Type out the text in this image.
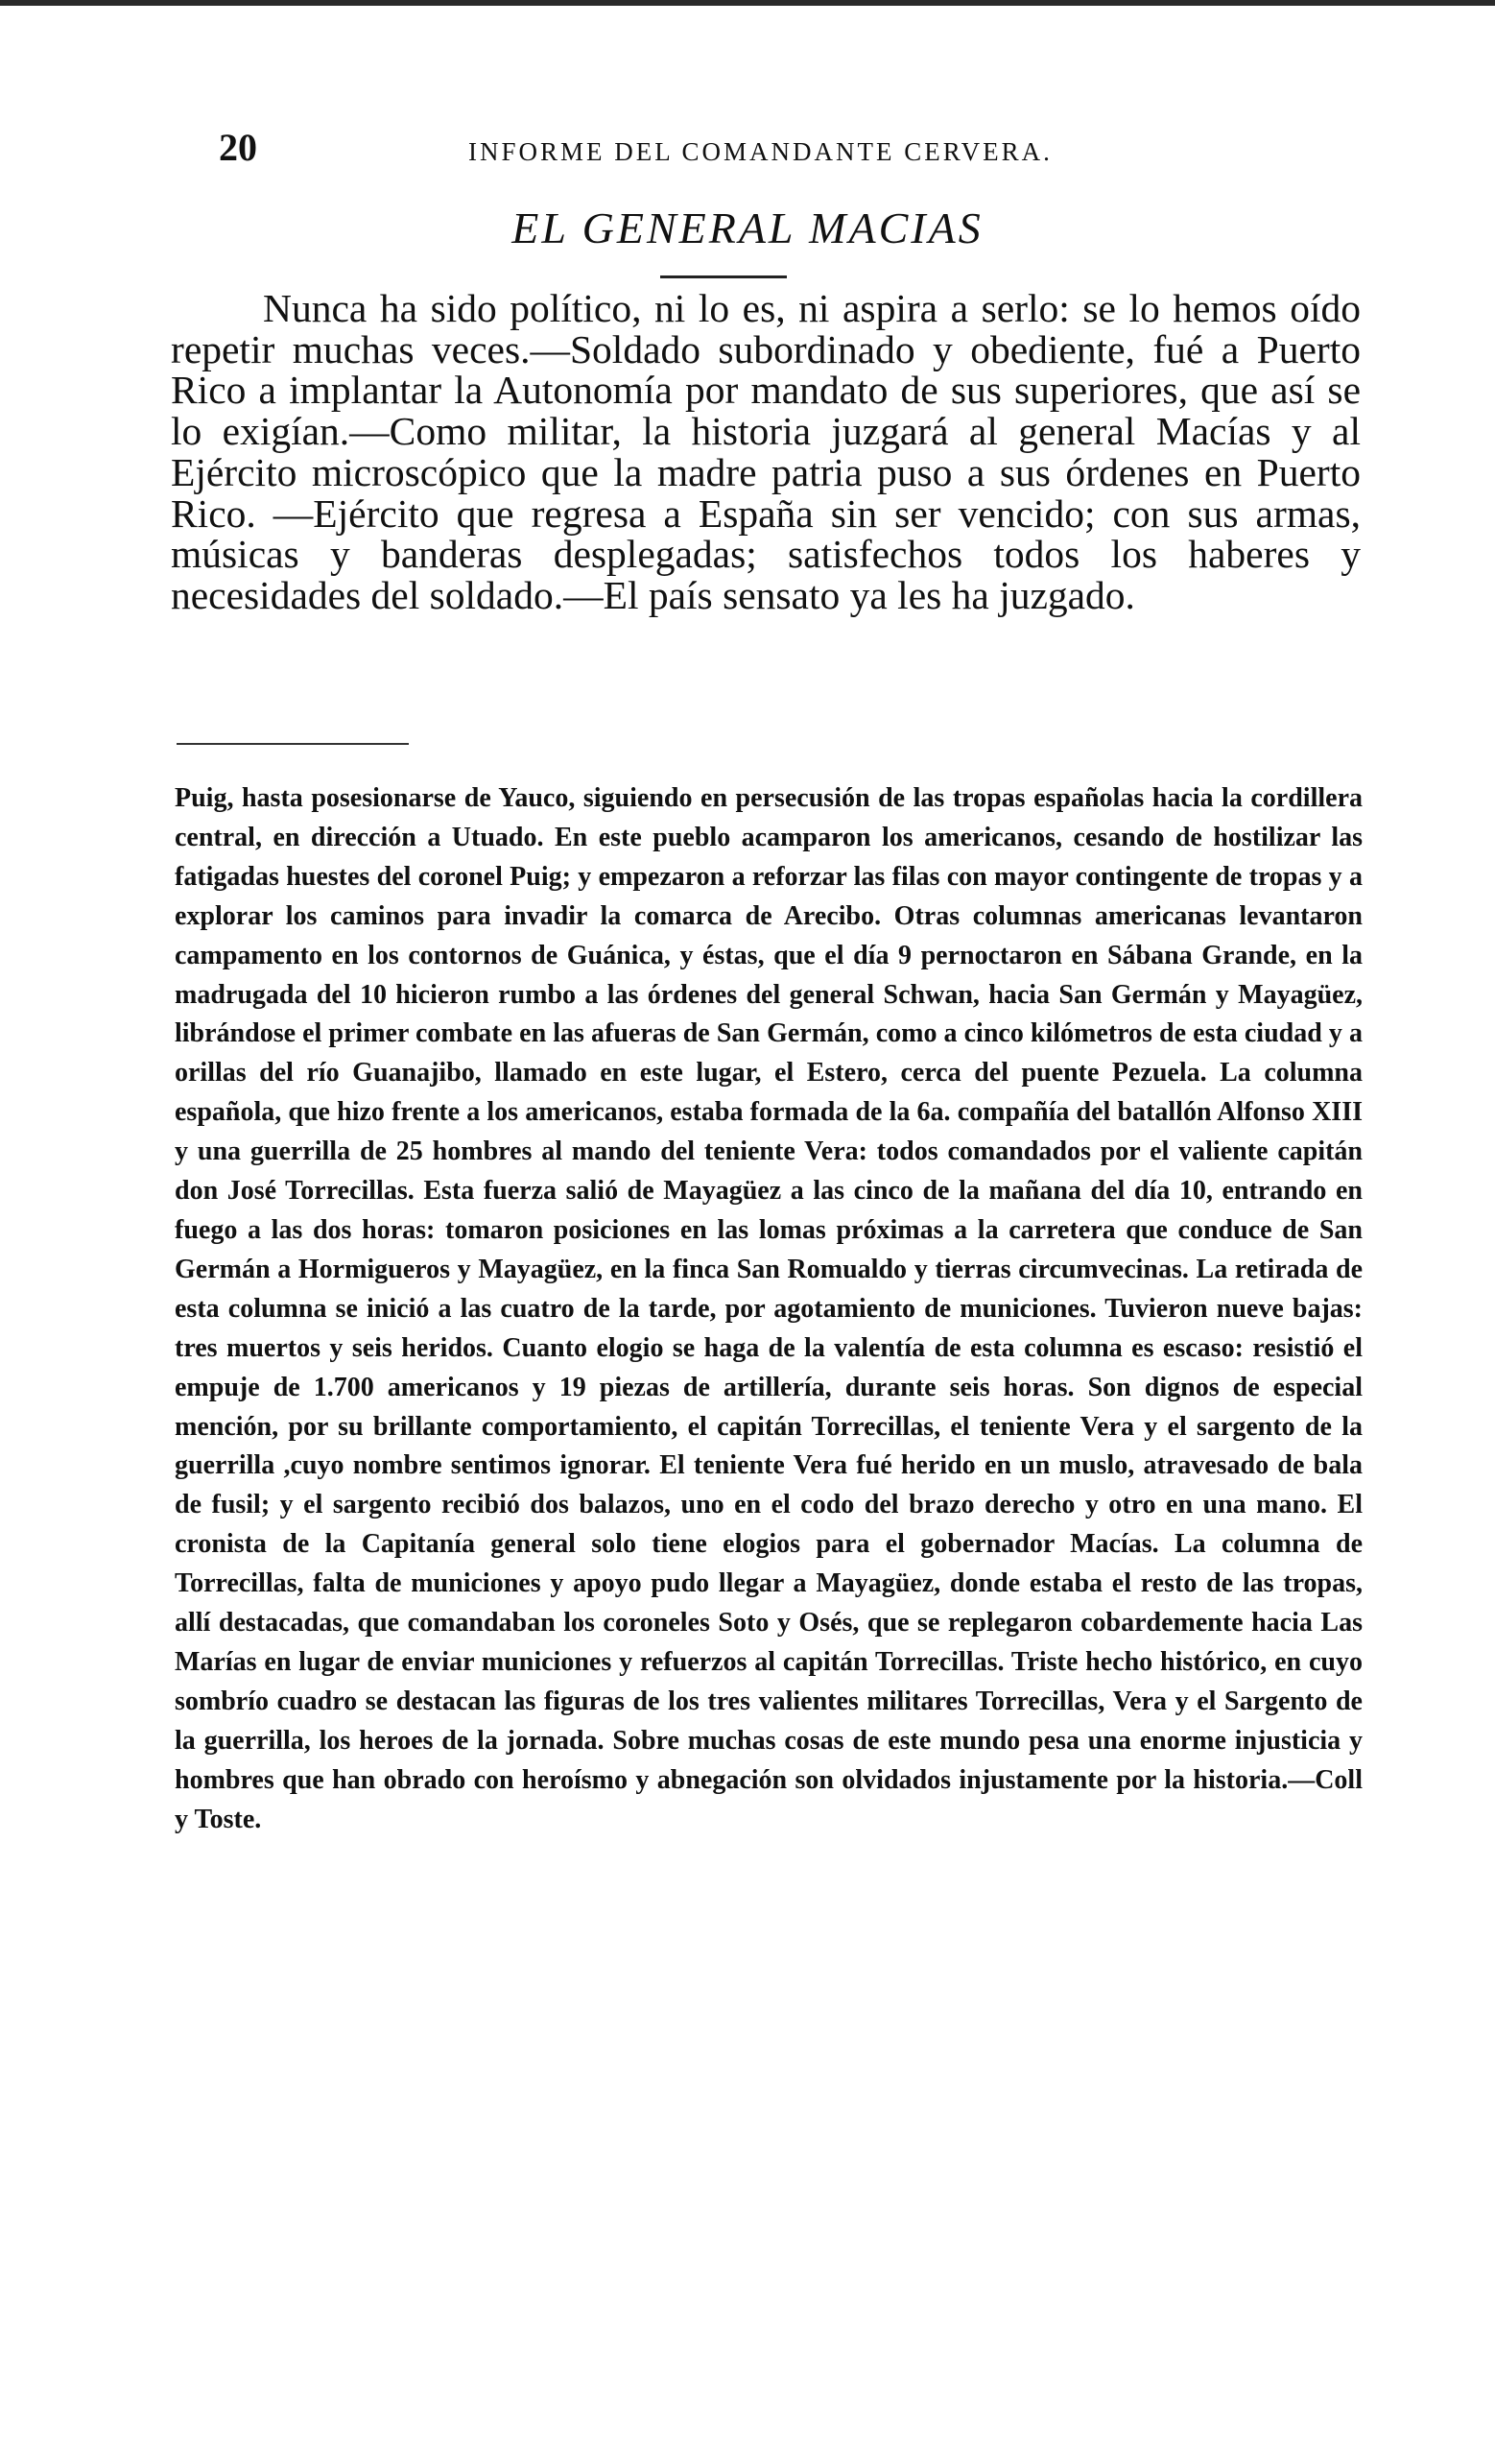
20	INFORME DEL COMANDANTE CERVERA.
EL GENERAL MACIAS

Nunca ha sido político, ni lo es, ni aspira a serlo: se lo hemos oído repetir muchas veces.—Soldado subordinado y obediente, fué a Puerto Rico a implantar la Autonomía por mandato de sus superiores, que así se lo exigían.—Como militar, la historia juzgará al general Macías y al Ejército microscópico que la madre patria puso a sus órdenes en Puerto Rico. —Ejército que regresa a España sin ser vencido; con sus armas, músicas y banderas desplegadas; satisfechos todos los haberes y necesidades del soldado.—El país sensato ya les ha juzgado.

Puig, hasta posesionarse de Yauco, siguiendo en persecusión de las tropas españolas hacia la cordillera central, en dirección a Utuado. En este pueblo acamparon los americanos, cesando de hostilizar las fatigadas huestes del coronel Puig; y empezaron a reforzar las filas con mayor contingente de tropas y a explorar los caminos para invadir la comarca de Arecibo. Otras columnas americanas levantaron campamento en los contornos de Guánica, y éstas, que el día 9 pernoctaron en Sábana Grande, en la madrugada del 10 hicieron rumbo a las órdenes del general Schwan, hacia San Germán y Mayagüez, librándose el primer combate en las afueras de San Germán, como a cinco kilómetros de esta ciudad y a orillas del río Guanajibo, llamado en este lugar, el Estero, cerca del puente Pezuela. La columna española, que hizo frente a los americanos, estaba formada de la 6a. compañía del batallón Alfonso XIII y una guerrilla de 25 hombres al mando del teniente Vera: todos comandados por el valiente capitán don José Torrecillas. Esta fuerza salió de Mayagüez a las cinco de la mañana del día 10, entrando en fuego a las dos horas: tomaron posiciones en las lomas próximas a la carretera que conduce de San Germán a Hormigueros y Mayagüez, en la finca San Romualdo y tierras circumvecinas. La retirada de esta columna se inició a las cuatro de la tarde, por agotamiento de municiones. Tuvieron nueve bajas: tres muertos y seis heridos. Cuanto elogio se haga de la valentía de esta columna es escaso: resistió el empuje de 1.700 americanos y 19 piezas de artillería, durante seis horas. Son dignos de especial mención, por su brillante comportamiento, el capitán Torrecillas, el teniente Vera y el sargento de la guerrilla ,cuyo nombre sentimos ignorar. El teniente Vera fué herido en un muslo, atravesado de bala de fusil; y el sargento recibió dos balazos, uno en el codo del brazo derecho y otro en una mano. El cronista de la Capitanía general solo tiene elogios para el gobernador Macías. La columna de Torrecillas, falta de municiones y apoyo pudo llegar a Mayagüez, donde estaba el resto de las tropas, allí destacadas, que comandaban los coroneles Soto y Osés, que se replegaron cobardemente hacia Las Marías en lugar de enviar municiones y refuerzos al capitán Torrecillas. Triste hecho histórico, en cuyo sombrío cuadro se destacan las figuras de los tres valientes militares Torrecillas, Vera y el Sargento de la guerrilla, los heroes de la jornada. Sobre muchas cosas de este mundo pesa una enorme injusticia y hombres que han obrado con heroísmo y abnegación son olvidados injustamente por la historia.—Coll y Toste.
